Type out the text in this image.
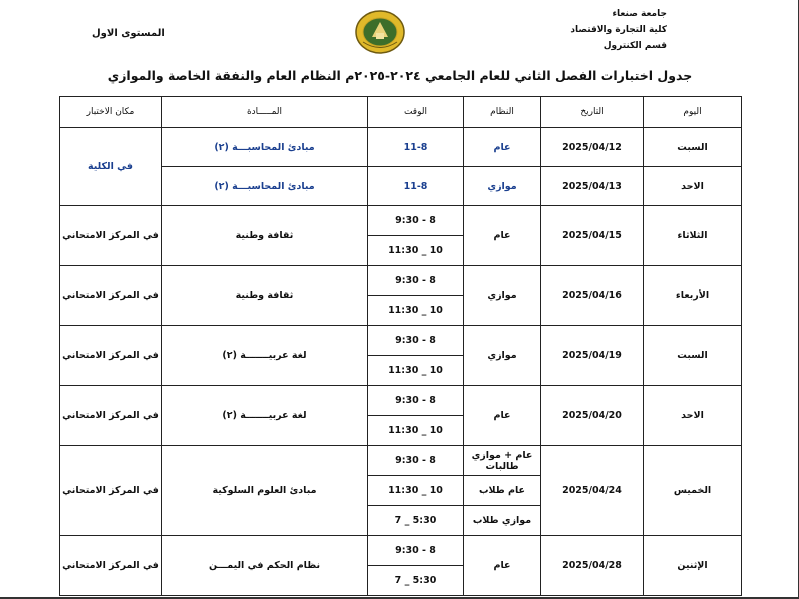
جامعة صنعاء
كلية التجارة والاقتصاد
قسم الكنترول
المستوى الاول
جدول اختبارات الفصل الثاني للعام الجامعي ٢٠٢٤-٢٠٢٥م النظام العام والنفقة الخاصة والموازي
اليوم	التاريخ	النظام	الوقت	المـــــادة	مكان الاختبار
السبت	2025/04/12	عام	11-8	مبادئ المحاسبـــة (٢)	في الكلية
الاحد	2025/04/13	موازي	11-8	مبادئ المحاسبـــة (٢)	
الثلاثاء	2025/04/15	عام	8 - 9:30	ثقافة وطنية	في المركز الامتحاني
			10 _ 11:30		
الأربعاء	2025/04/16	موازي	8 - 9:30	ثقافة وطنية	في المركز الامتحاني
			10 _ 11:30		
السبت	2025/04/19	موازي	8 - 9:30	لغة عربيـــــــة (٢)	في المركز الامتحاني
			10 _ 11:30		
الاحد	2025/04/20	عام	8 - 9:30	لغة عربيـــــــة (٢)	في المركز الامتحاني
			10 _ 11:30		
الخميس	2025/04/24	عام + موازي طالبات	8 - 9:30	مبادئ العلوم السلوكية	في المركز الامتحاني
		عام طلاب	10 _ 11:30		
		موازي طلاب	5:30 _ 7		
الإثنين	2025/04/28	عام	8 - 9:30	نظام الحكم في اليمـــن	في المركز الامتحاني
			5:30 _ 7		
